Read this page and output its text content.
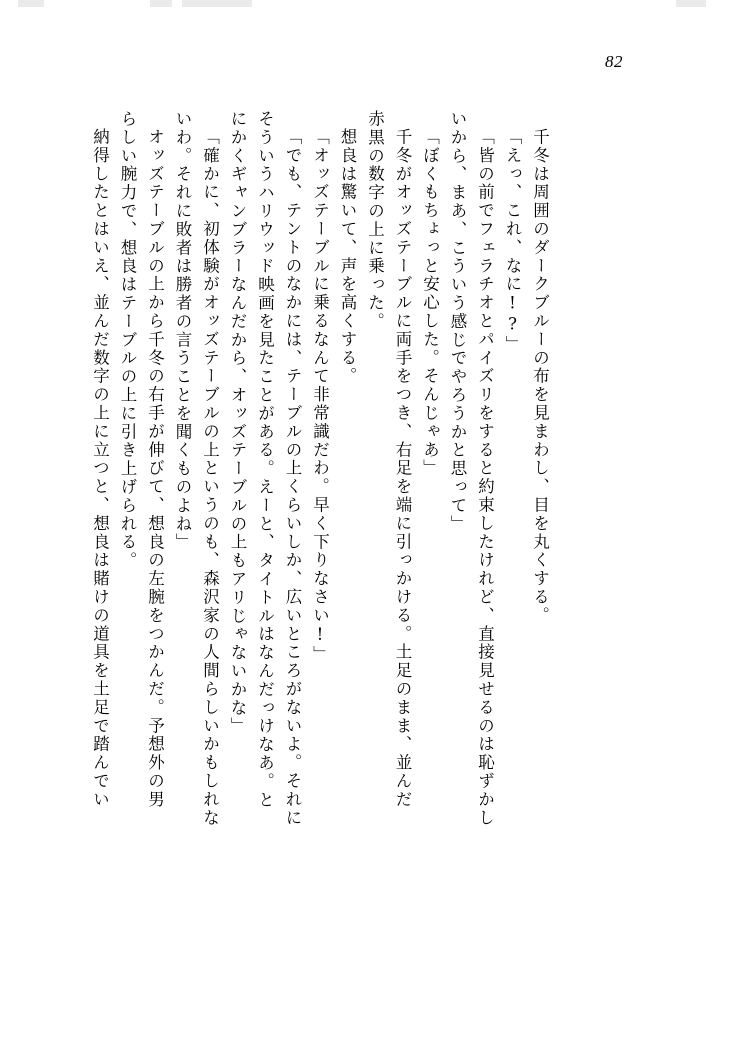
82
納得したとはいえ、並んだ数字の上に立つと、想良は賭けの道具を土足で踏んでい らしい腕力で、想良はテーブルの上に引き上げられる。 オッズテーブルの上から千冬の右手が伸びて、想良の左腕をつかんだ。予想外の男 いわ。それに敗者は勝者の言うことを聞くものよね」 「確かに、初体験がオッズテーブルの上というのも、森沢家の人間らしいかもしれな にかくギャンブラーなんだから、オッズテーブルの上もアリじゃないかな」 そういうハリウッド映画を見たことがある。えーと、タイトルはなんだっけなあ。と 「でも、テントのなかには、テーブルの上くらいしか、広いところがないよ。それに 「オッズテーブルに乗るなんて非常識だわ。早く下りなさい!」 想良は驚いて、声を高くする。 赤黒の数字の上に乗った。 千冬がオッズテーブルに両手をつき、右足を端に引っかける。土足のまま、並んだ 「ぼくもちょっと安心した。そんじゃあ」 いから、まあ、こういう感じでやろうかと思って」 「皆の前でフェラチオとパイズリをすると約束したけれど、直接見せるのは恥ずかし 「えっ、これ、なに!?」 千冬は周囲のダークブルーの布を見まわし、目を丸くする。
